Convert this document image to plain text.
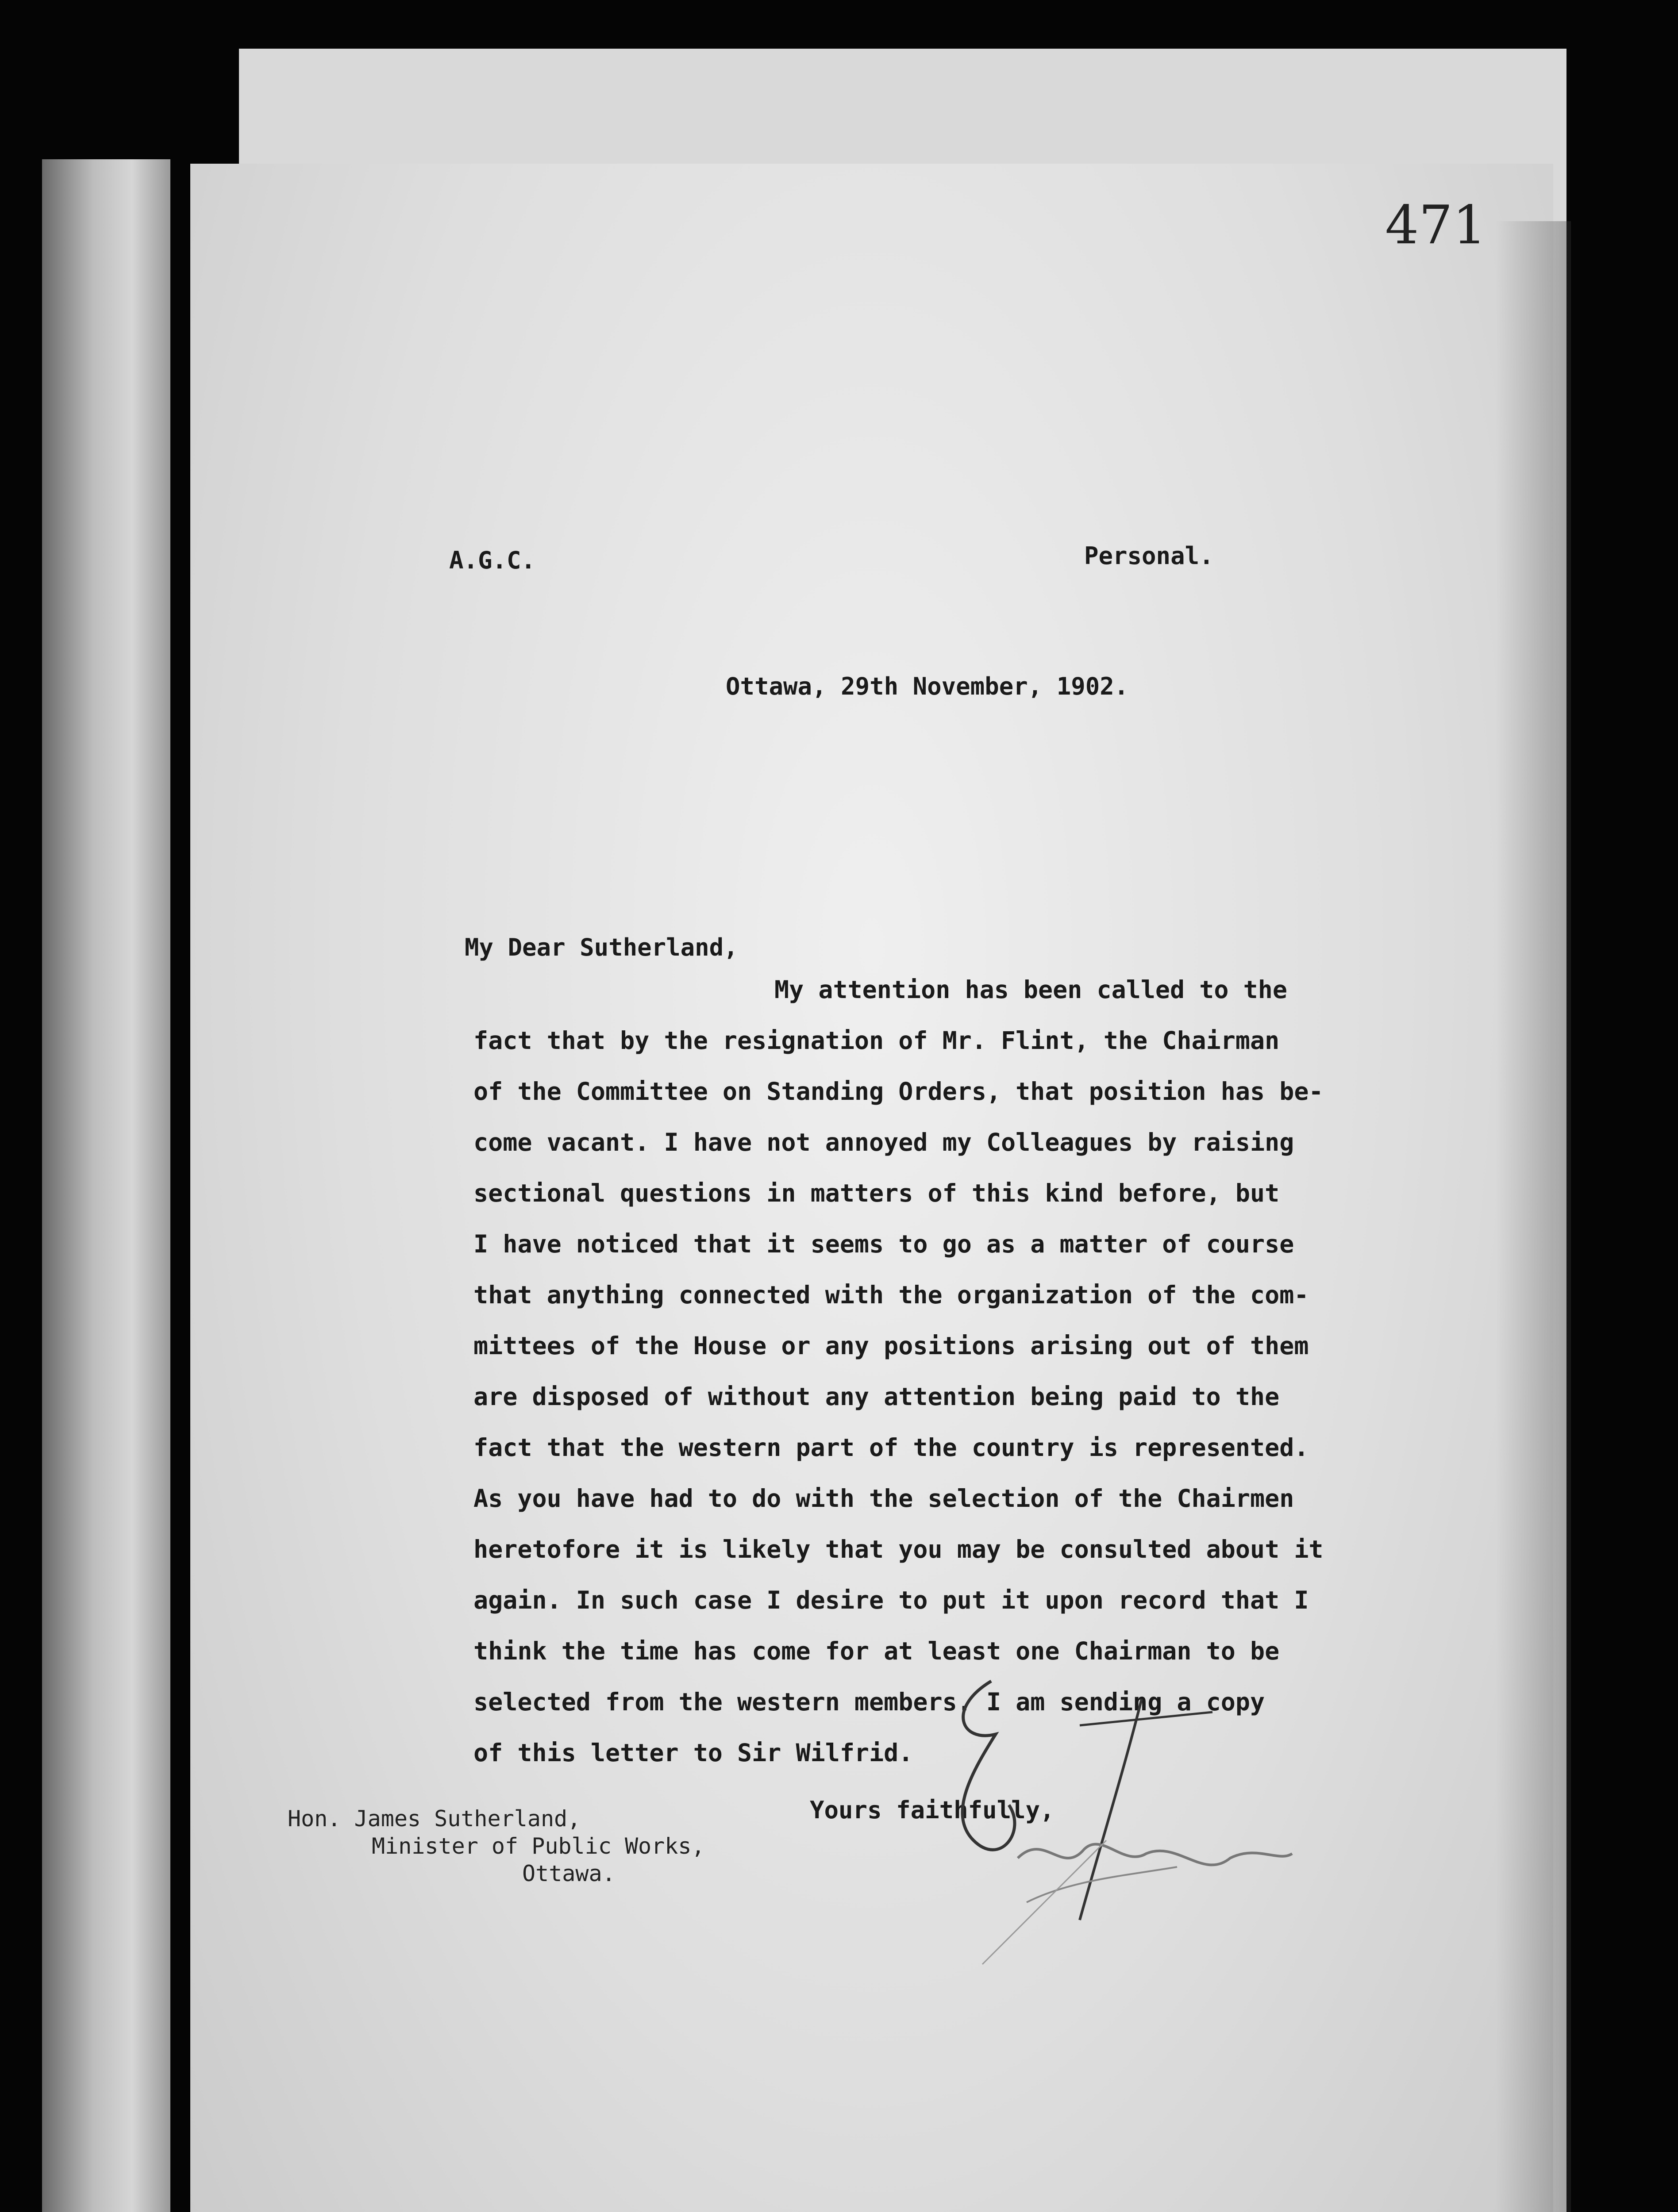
471
A.G.C.	Personal.
Ottawa, 29th November, 1902.
My Dear Sutherland,
My attention has been called to the
fact that by the resignation of Mr. Flint, the Chairman
of the Committee on Standing Orders, that position has be-
come vacant. I have not annoyed my Colleagues by raising
sectional questions in matters of this kind before, but
I have noticed that it seems to go as a matter of course
that anything connected with the organization of the com-
mittees of the House or any positions arising out of them
are disposed of without any attention being paid to the
fact that the western part of the country is represented.
As you have had to do with the selection of the Chairmen
heretofore it is likely that you may be consulted about it
again. In such case I desire to put it upon record that I
think the time has come for at least one Chairman to be
selected from the western members. I am sending a copy
of this letter to Sir Wilfrid.
Yours faithfully,
Hon. James Sutherland,
Minister of Public Works,
Ottawa.
